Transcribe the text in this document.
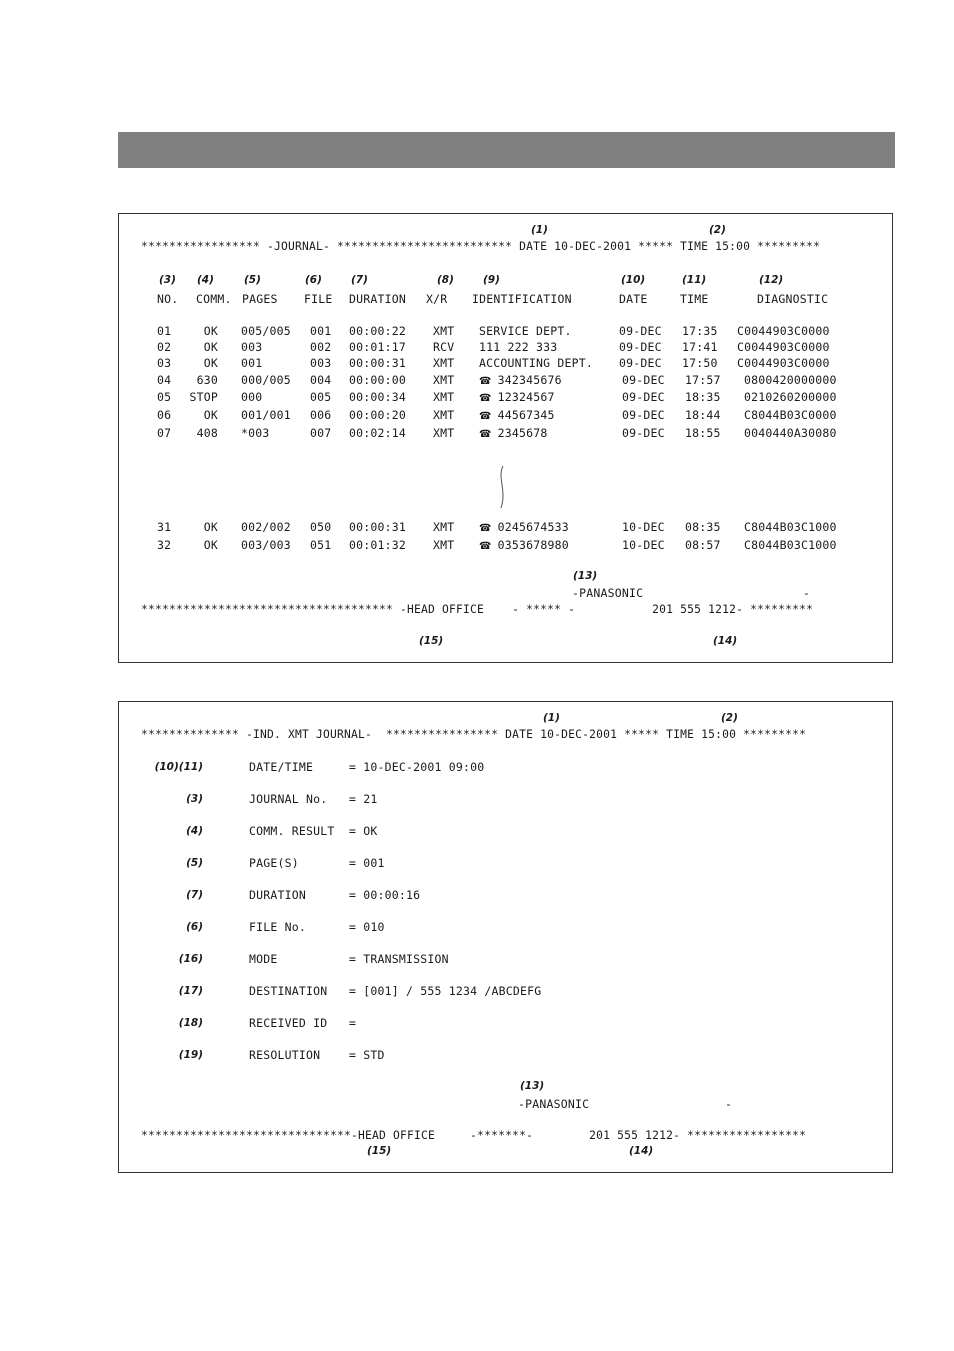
(1)	(2)
***************** -JOURNAL- ************************* DATE 10-DEC-2001 ***** TIME 15:00 *********
(3) (4)	(5)	(6)	(7)	(8)	(9)	(10)	(11)	(12)
NO. COMM. PAGES FILE DURATION X/R IDENTIFICATION	DATE	TIME	DIAGNOSTIC
01	OK 005/005 001 00:00:22 XMT SERVICE DEPT.	09-DEC 17:35 C0044903C0000
02	OK 003	002 00:01:17 RCV 111 222 333	09-DEC 17:41 C0044903C0000
03	OK 001	003 00:00:31 XMT ACCOUNTING DEPT. 09-DEC 17:50 C0044903C0000
04 630 000/005 004 00:00:00 XMT ☎ 342345676	09-DEC 17:57 0800420000000
05 STOP 000	005 00:00:34 XMT ☎ 12324567	09-DEC 18:35 0210260200000
06	OK 001/001 006 00:00:20 XMT ☎ 44567345	09-DEC 18:44 C8044B03C0000
07 408 *003	007 00:02:14 XMT ☎ 2345678	09-DEC 18:55 0040440A30080
31	OK 002/002 050 00:00:31 XMT ☎ 0245674533	10-DEC 08:35 C8044B03C1000
32	OK 003/003 051 00:01:32 XMT ☎ 0353678980	10-DEC 08:57 C8044B03C1000
(13)
-PANASONIC	-
************************************ -HEAD OFFICE    - ***** -           201 555 1212- *********
(15)	(14)
(1)	(2)
************** -IND. XMT JOURNAL-  **************** DATE 10-DEC-2001 ***** TIME 15:00 *********
(10)(11)	DATE/TIME	= 10-DEC-2001 09:00
(3)	JOURNAL No. = 21
(4)	COMM. RESULT = OK
(5)	PAGE(S)	= 001
(7)	DURATION	= 00:00:16
(6)	FILE No.	= 010
(16)	MODE	= TRANSMISSION
(17)	DESTINATION = [001] / 555 1234 /ABCDEFG
(18)	RECEIVED ID =
(19)	RESOLUTION	= STD
(13)
-PANASONIC	-
******************************-HEAD OFFICE     -*******-        201 555 1212- *****************
(15)	(14)
